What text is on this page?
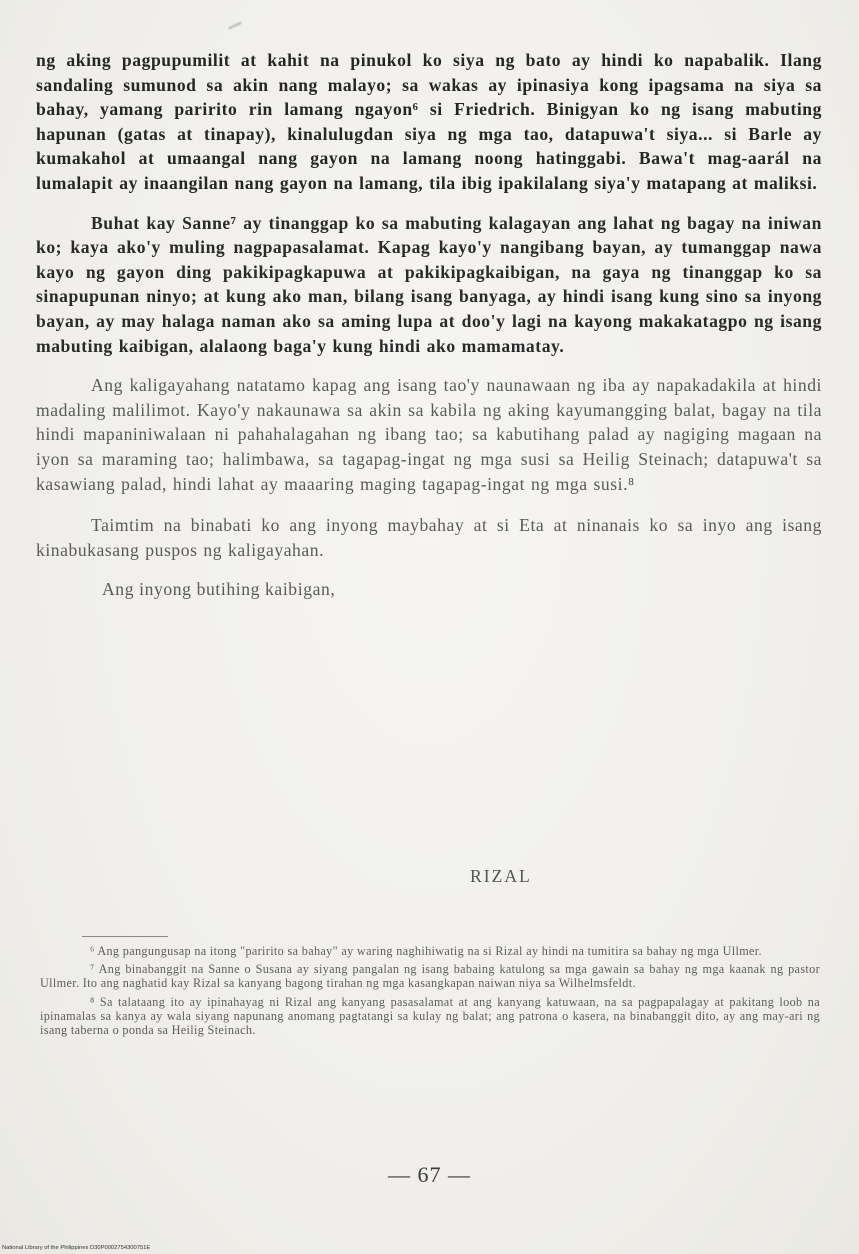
ng aking pagpupumilit at kahit na pinukol ko siya ng bato ay hindi ko napabalik. Ilang sandaling sumunod sa akin nang malayo; sa wakas ay ipinasiya kong ipagsama na siya sa bahay, yamang paririto rin lamang ngayon⁶ si Friedrich. Binigyan ko ng isang mabuting hapunan (gatas at tinapay), kinalulugdan siya ng mga tao, datapuwa't siya... si Barle ay kumakahol at umaangal nang gayon na lamang noong hatinggabi. Bawa't mag-aarál na lumalapit ay inaangilan nang gayon na lamang, tila ibig ipakilalang siya'y matapang at maliksi.

Buhat kay Sanne⁷ ay tinanggap ko sa mabuting kalagayan ang lahat ng bagay na iniwan ko; kaya ako'y muling nagpapasalamat. Kapag kayo'y nangibang bayan, ay tumanggap nawa kayo ng gayon ding pakikipagkapuwa at pakikipagkaibigan, na gaya ng tinanggap ko sa sinapupunan ninyo; at kung ako man, bilang isang banyaga, ay hindi isang kung sino sa inyong bayan, ay may halaga naman ako sa aming lupa at doo'y lagi na kayong makakatagpo ng isang mabuting kaibigan, alalaong baga'y kung hindi ako mamamatay.

Ang kaligayahang natatamo kapag ang isang tao'y naunawaan ng iba ay napakadakila at hindi madaling malilimot. Kayo'y nakaunawa sa akin sa kabila ng aking kayumangging balat, bagay na tila hindi mapaniniwalaan ni pahahalagahan ng ibang tao; sa kabutihang palad ay nagiging magaan na iyon sa maraming tao; halimbawa, sa tagapag-ingat ng mga susi sa Heilig Steinach; datapuwa't sa kasawiang palad, hindi lahat ay maaaring maging tagapag-ingat ng mga susi.⁸

Taimtim na binabati ko ang inyong maybahay at si Eta at ninanais ko sa inyo ang isang kinabukasang puspos ng kaligayahan.

Ang inyong butihing kaibigan,
RIZAL

⁶ Ang pangungusap na itong "paririto sa bahay" ay waring naghihiwatig na si Rizal ay hindi na tumitira sa bahay ng mga Ullmer.

⁷ Ang binabanggit na Sanne o Susana ay siyang pangalan ng isang babaing katulong sa mga gawain sa bahay ng mga kaanak ng pastor Ullmer. Ito ang naghatid kay Rizal sa kanyang bagong tirahan ng mga kasangkapan naiwan niya sa Wilhelmsfeldt.

⁸ Sa talataang ito ay ipinahayag ni Rizal ang kanyang pasasalamat at ang kanyang katuwaan, na sa pagpapalagay at pakitang loob na ipinamalas sa kanya ay wala siyang napunang anomang pagtatangi sa kulay ng balat; ang patrona o kasera, na binabanggit dito, ay ang may-ari ng isang taberna o ponda sa Heilig Steinach.

— 67 —
National Library of the Philippines D30P0002754300751E
